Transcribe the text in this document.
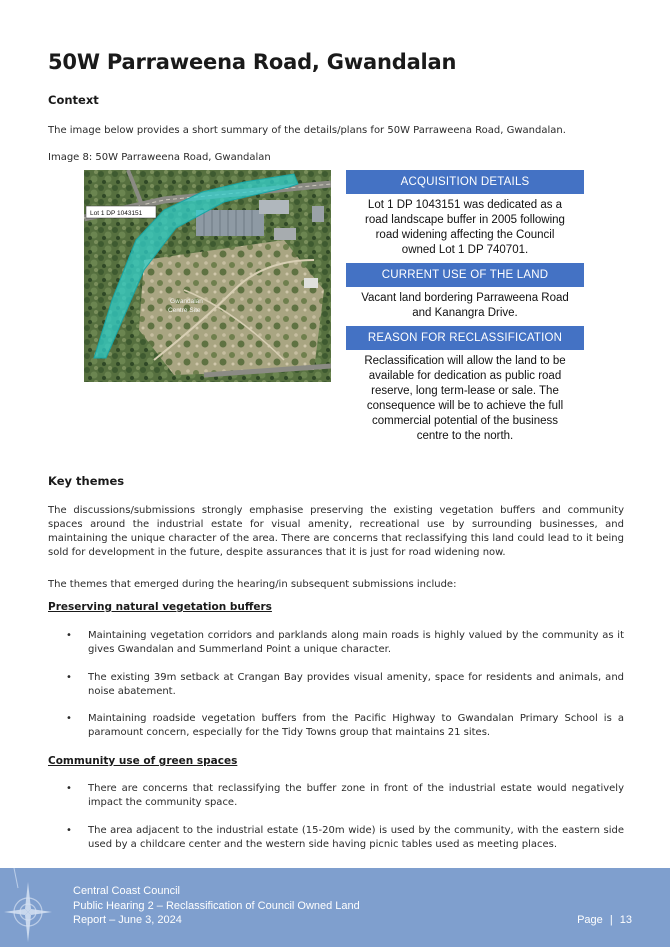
50W Parraweena Road, Gwandalan
Context
The image below provides a short summary of the details/plans for 50W Parraweena Road, Gwandalan.
Image 8: 50W Parraweena Road, Gwandalan
Lot 1 DP 1043151
Gwandalan
Centre Site
ACQUISITION DETAILS
Lot 1 DP 1043151 was dedicated as a
road landscape buffer in 2005 following
road widening affecting the Council
owned Lot 1 DP 740701.
CURRENT USE OF THE LAND
Vacant land bordering Parraweena Road
and Kanangra Drive.
REASON FOR RECLASSIFICATION
Reclassification will allow the land to be
available for dedication as public road
reserve, long term-lease or sale. The
consequence will be to achieve the full
commercial potential of the business
centre to the north.
Key themes
The discussions/submissions strongly emphasise preserving the existing vegetation buffers and community spaces around the industrial estate for visual amenity, recreational use by surrounding businesses, and maintaining the unique character of the area. There are concerns that reclassifying this land could lead to it being sold for development in the future, despite assurances that it is just for road widening now.
The themes that emerged during the hearing/in subsequent submissions include:
Preserving natural vegetation buffers
• Maintaining vegetation corridors and parklands along main roads is highly valued by the community as it gives Gwandalan and Summerland Point a unique character.
• The existing 39m setback at Crangan Bay provides visual amenity, space for residents and animals, and noise abatement.
• Maintaining roadside vegetation buffers from the Pacific Highway to Gwandalan Primary School is a paramount concern, especially for the Tidy Towns group that maintains 21 sites.
Community use of green spaces
• There are concerns that reclassifying the buffer zone in front of the industrial estate would negatively impact the community space.
• The area adjacent to the industrial estate (15-20m wide) is used by the community, with the eastern side used by a childcare center and the western side having picnic tables used as meeting places.
Central Coast Council
Public Hearing 2 – Reclassification of Council Owned Land
Report – June 3, 2024	Page | 13
